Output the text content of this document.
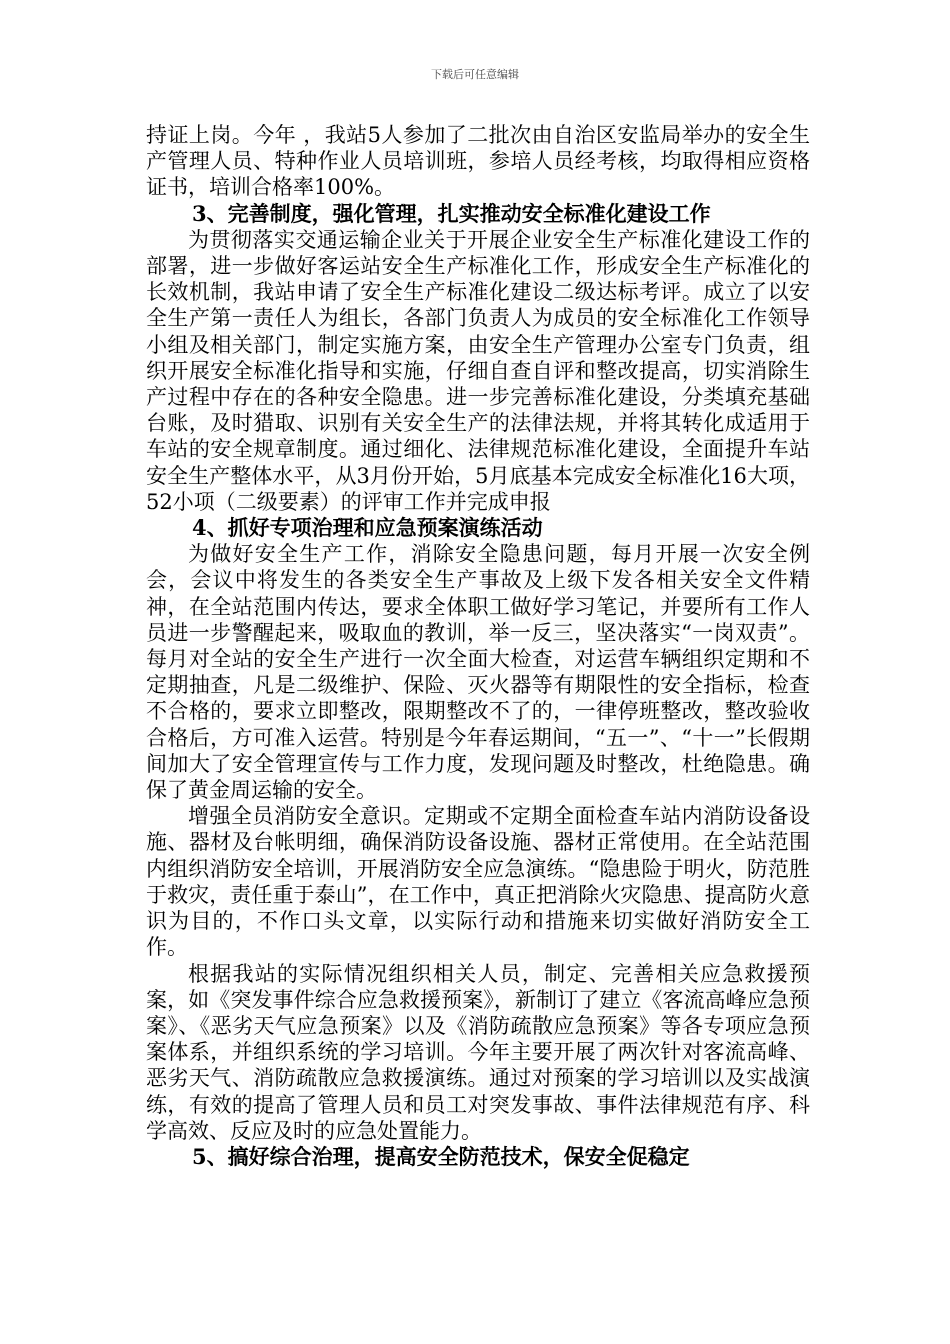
下载后可任意编辑

持证上岗。今年 ，我站5人参加了二批次由自治区安监局举办的安全生产管理人员、特种作业人员培训班，参培人员经考核，均取得相应资格证书，培训合格率100%。

3、完善制度，强化管理，扎实推动安全标准化建设工作

为贯彻落实交通运输企业关于开展企业安全生产标准化建设工作的部署，进一步做好客运站安全生产标准化工作，形成安全生产标准化的长效机制，我站申请了安全生产标准化建设二级达标考评。成立了以安全生产第一责任人为组长，各部门负责人为成员的安全标准化工作领导小组及相关部门，制定实施方案，由安全生产管理办公室专门负责，组织开展安全标准化指导和实施，仔细自查自评和整改提高，切实消除生产过程中存在的各种安全隐患。进一步完善标准化建设，分类填充基础台账，及时猎取、识别有关安全生产的法律法规，并将其转化成适用于车站的安全规章制度。通过细化、法律规范标准化建设，全面提升车站安全生产整体水平，从3月份开始，5月底基本完成安全标准化16大项，52小项（二级要素）的评审工作并完成申报

4、抓好专项治理和应急预案演练活动

为做好安全生产工作，消除安全隐患问题，每月开展一次安全例会，会议中将发生的各类安全生产事故及上级下发各相关安全文件精神，在全站范围内传达，要求全体职工做好学习笔记，并要所有工作人员进一步警醒起来，吸取血的教训，举一反三，坚决落实“一岗双责”。每月对全站的安全生产进行一次全面大检查，对运营车辆组织定期和不定期抽查，凡是二级维护、保险、灭火器等有期限性的安全指标，检查不合格的，要求立即整改，限期整改不了的，一律停班整改，整改验收合格后，方可准入运营。特别是今年春运期间，“五一”、“十一”长假期间加大了安全管理宣传与工作力度，发现问题及时整改，杜绝隐患。确保了黄金周运输的安全。

增强全员消防安全意识。定期或不定期全面检查车站内消防设备设施、器材及台帐明细，确保消防设备设施、器材正常使用。在全站范围内组织消防安全培训，开展消防安全应急演练。“隐患险于明火，防范胜于救灾，责任重于泰山”，在工作中，真正把消除火灾隐患、提高防火意识为目的，不作口头文章，以实际行动和措施来切实做好消防安全工作。

根据我站的实际情况组织相关人员，制定、完善相关应急救援预案，如《突发事件综合应急救援预案》，新制订了建立《客流高峰应急预案》、《恶劣天气应急预案》以及《消防疏散应急预案》等各专项应急预案体系，并组织系统的学习培训。今年主要开展了两次针对客流高峰、恶劣天气、消防疏散应急救援演练。通过对预案的学习培训以及实战演练，有效的提高了管理人员和员工对突发事故、事件法律规范有序、科学高效、反应及时的应急处置能力。

5、搞好综合治理，提高安全防范技术，保安全促稳定
